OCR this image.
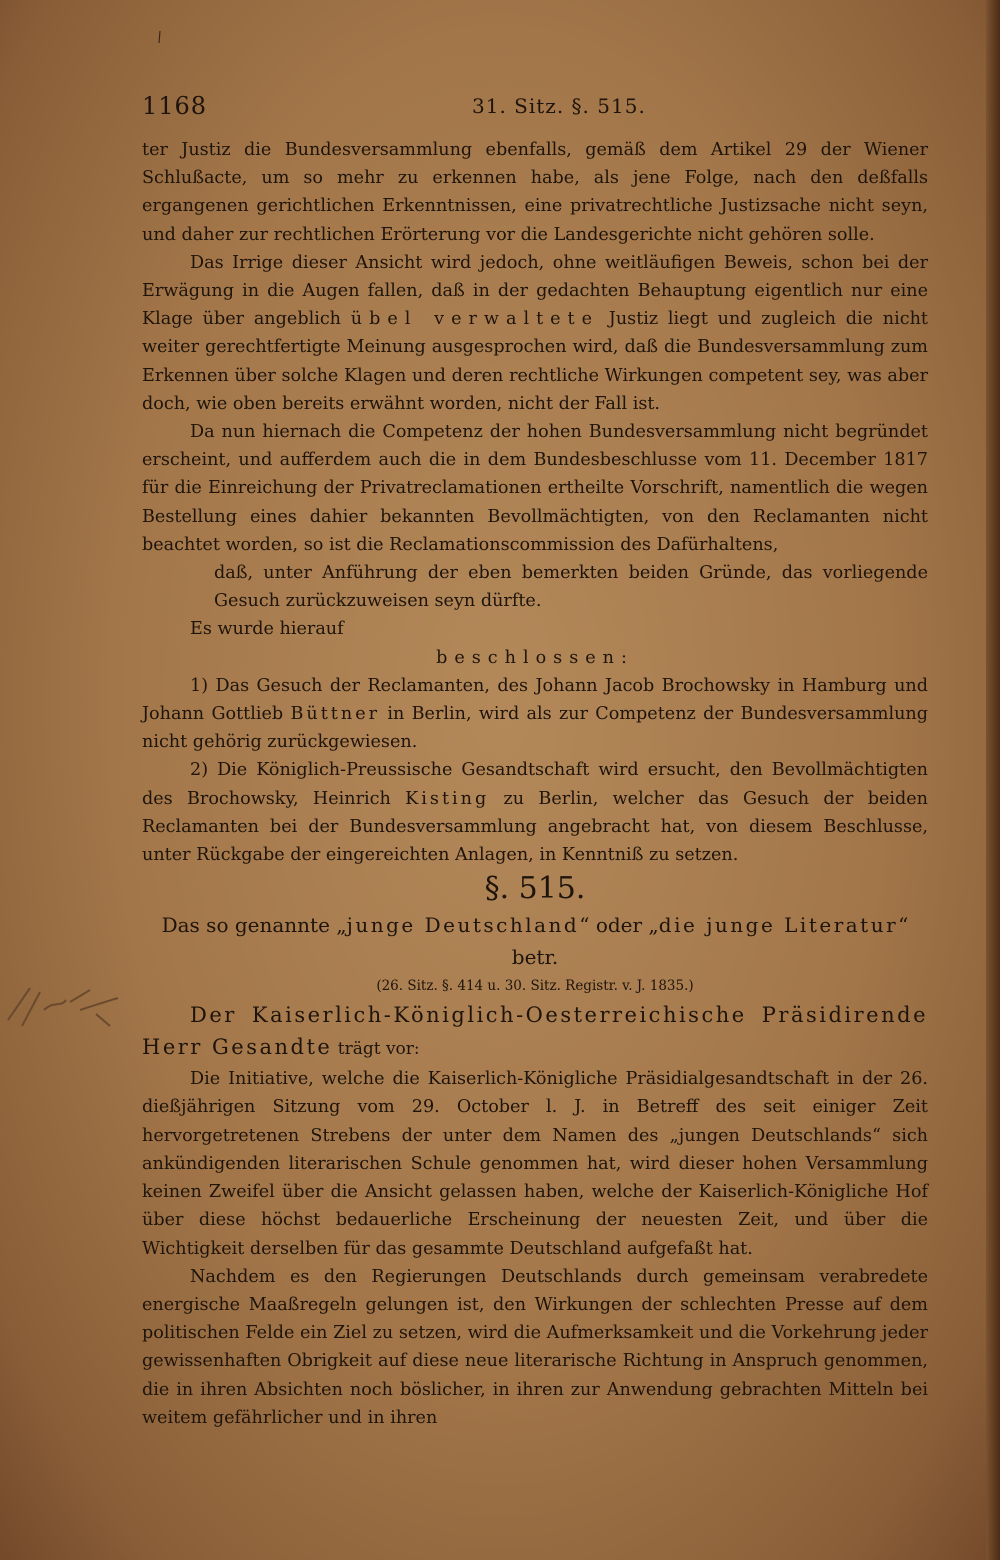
1168	31. Sitz. §. 515.

ter Justiz die Bundesversammlung ebenfalls, gemäß dem Artikel 29 der Wiener Schlußacte, um so mehr zu erkennen habe, als jene Folge, nach den deßfalls ergangenen gerichtlichen Erkenntnissen, eine privatrechtliche Justizsache nicht seyn, und daher zur rechtlichen Erörterung vor die Landesgerichte nicht gehören solle.

Das Irrige dieser Ansicht wird jedoch, ohne weitläufigen Beweis, schon bei der Erwägung in die Augen fallen, daß in der gedachten Behauptung eigentlich nur eine Klage über angeblich übel verwaltete Justiz liegt und zugleich die nicht weiter gerechtfertigte Meinung ausgesprochen wird, daß die Bundesversammlung zum Erkennen über solche Klagen und deren rechtliche Wirkungen competent sey, was aber doch, wie oben bereits erwähnt worden, nicht der Fall ist.

Da nun hiernach die Competenz der hohen Bundesversammlung nicht begründet erscheint, und aufferdem auch die in dem Bundesbeschlusse vom 11. December 1817 für die Einreichung der Privatreclamationen ertheilte Vorschrift, namentlich die wegen Bestellung eines dahier bekannten Bevollmächtigten, von den Reclamanten nicht beachtet worden, so ist die Reclamationscommission des Dafürhaltens,

daß, unter Anführung der eben bemerkten beiden Gründe, das vorliegende Gesuch zurückzuweisen seyn dürfte.

Es wurde hierauf

beschlossen:

1) Das Gesuch der Reclamanten, des Johann Jacob Brochowsky in Hamburg und Johann Gottlieb Büttner in Berlin, wird als zur Competenz der Bundesversammlung nicht gehörig zurückgewiesen.

2) Die Königlich-Preussische Gesandtschaft wird ersucht, den Bevollmächtigten des Brochowsky, Heinrich Kisting zu Berlin, welcher das Gesuch der beiden Reclamanten bei der Bundesversammlung angebracht hat, von diesem Beschlusse, unter Rückgabe der eingereichten Anlagen, in Kenntniß zu setzen.

§. 515.

Das so genannte „junge Deutschland“ oder „die junge Literatur“ betr.

(26. Sitz. §. 414 u. 30. Sitz. Registr. v. J. 1835.)

Der Kaiserlich-Königlich-Oesterreichische Präsidirende Herr Gesandte trägt vor:

Die Initiative, welche die Kaiserlich-Königliche Präsidialgesandtschaft in der 26. dießjährigen Sitzung vom 29. October l. J. in Betreff des seit einiger Zeit hervorgetretenen Strebens der unter dem Namen des „jungen Deutschlands“ sich ankündigenden literarischen Schule genommen hat, wird dieser hohen Versammlung keinen Zweifel über die Ansicht gelassen haben, welche der Kaiserlich-Königliche Hof über diese höchst bedauerliche Erscheinung der neuesten Zeit, und über die Wichtigkeit derselben für das gesammte Deutschland aufgefaßt hat.

Nachdem es den Regierungen Deutschlands durch gemeinsam verabredete energische Maaßregeln gelungen ist, den Wirkungen der schlechten Presse auf dem politischen Felde ein Ziel zu setzen, wird die Aufmerksamkeit und die Vorkehrung jeder gewissenhaften Obrigkeit auf diese neue literarische Richtung in Anspruch genommen, die in ihren Absichten noch böslicher, in ihren zur Anwendung gebrachten Mitteln bei weitem gefährlicher und in ihren
